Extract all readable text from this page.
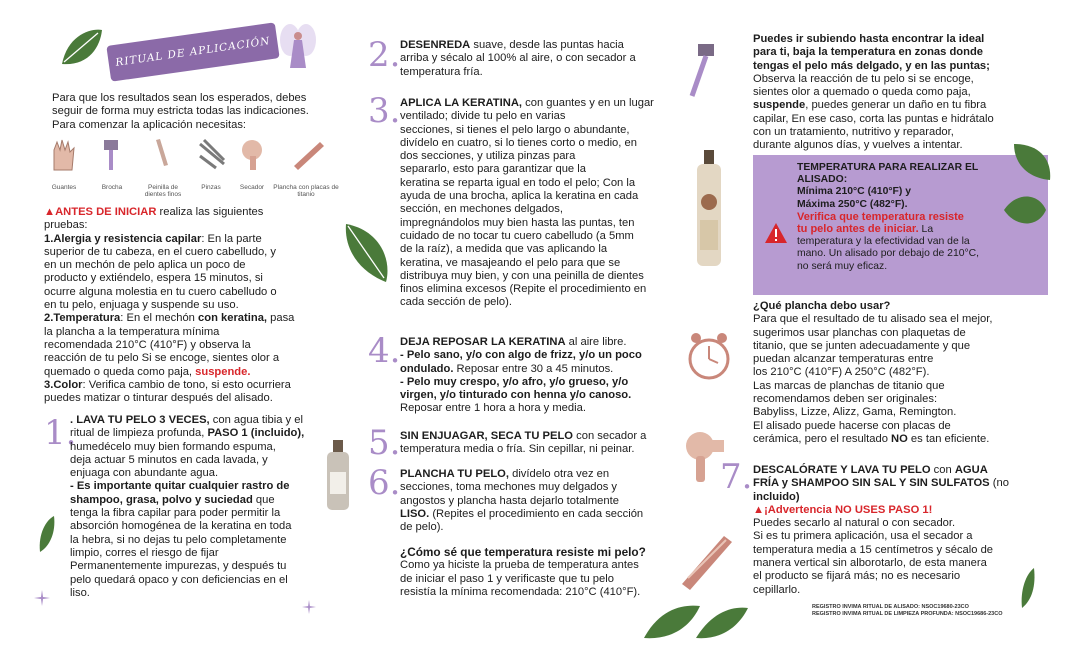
RITUAL DE APLICACIÓN
Para que los resultados sean los esperados, debes
seguir de forma muy estricta todas las indicaciones.
Para comenzar la aplicación necesitas:
Guantes	Brocha	Peinilla de dientes finos
Pinzas	Secador	Plancha con placas de titanio
▲ANTES DE INICIAR realiza las siguientes
pruebas:
1.Alergia y resistencia capilar: En la parte
superior de tu cabeza, en el cuero cabelludo, y
en un mechón de pelo aplica un poco de
producto y extiéndelo, espera 15 minutos, si
ocurre alguna molestia en tu cuero cabelludo o
en tu pelo, enjuaga y suspende su uso.
2.Temperatura: En el mechón con keratina, pasa
la plancha a la temperatura mínima
recomendada 210°C (410°F) y observa la
reacción de tu pelo Si se encoge, sientes olor a
quemado o queda como paja, suspende.
3.Color: Verifica cambio de tono, si esto ocurriera
puedes matizar o tinturar después del alisado.
1.
. LAVA TU PELO 3 VECES, con agua tibia y el
ritual de limpieza profunda, PASO 1 (incluido),
humedécelo muy bien formando espuma,
deja actuar 5 minutos en cada lavada, y
enjuaga con abundante agua.
- Es importante quitar cualquier rastro de
shampoo, grasa, polvo y suciedad que
tenga la fibra capilar para poder permitir la
absorción homogénea de la keratina en toda
la hebra, si no dejas tu pelo completamente
limpio, corres el riesgo de fijar
Permanentemente impurezas, y después tu
pelo quedará opaco y con deficiencias en el
liso.
2. DESENREDA suave, desde las puntas hacia
arriba y sécalo al 100% al aire, o con secador a
temperatura fría.
3. APLICA LA KERATINA, con guantes y en un lugar
ventilado; divide tu pelo en varias
secciones, si tienes el pelo largo o abundante,
divídelo en cuatro, si lo tienes corto o medio, en
dos secciones, y utiliza pinzas para
separarlo, esto para garantizar que la
keratina se reparta igual en todo el pelo; Con la
ayuda de una brocha, aplica la keratina en cada
sección, en mechones delgados,
impregnándolos muy bien hasta las puntas, ten
cuidado de no tocar tu cuero cabelludo (a 5mm
de la raíz), a medida que vas aplicando la
keratina, ve masajeando el pelo para que se
distribuya muy bien, y con una peinilla de dientes
finos elimina excesos (Repite el procedimiento en
cada sección de pelo).
4. DEJA REPOSAR LA KERATINA al aire libre.
- Pelo sano, y/o con algo de frizz, y/o un poco
ondulado. Reposar entre 30 a 45 minutos.
- Pelo muy crespo, y/o afro, y/o grueso, y/o
virgen, y/o tinturado con henna y/o canoso.
Reposar entre 1 hora a hora y media.
5. SIN ENJUAGAR, SECA TU PELO con secador a
temperatura media o fría. Sin cepillar, ni peinar.
6. PLANCHA TU PELO, divídelo otra vez en
secciones, toma mechones muy delgados y
angostos y plancha hasta dejarlo totalmente
LISO. (Repites el procedimiento en cada sección
de pelo).
¿Cómo sé que temperatura resiste mi pelo?
Como ya hiciste la prueba de temperatura antes
de iniciar el paso 1 y verificaste que tu pelo
resistía la mínima recomendada: 210°C (410°F).
Puedes ir subiendo hasta encontrar la ideal
para ti, baja la temperatura en zonas donde
tengas el pelo más delgado, y en las puntas;
Observa la reacción de tu pelo si se encoge,
sientes olor a quemado o queda como paja,
suspende, puedes generar un daño en tu fibra
capilar, En ese caso, corta las puntas e hidrátalo
con un tratamiento, nutritivo y reparador,
durante algunos días, y vuelves a intentar.
TEMPERATURA PARA REALIZAR EL
ALISADO:
Mínima 210°C (410°F) y
Máxima 250°C (482°F).
Verifica que temperatura resiste
tu pelo antes de iniciar. La
temperatura y la efectividad van de la
mano. Un alisado por debajo de 210°C,
no será muy eficaz.
¿Qué plancha debo usar?
Para que el resultado de tu alisado sea el mejor,
sugerimos usar planchas con plaquetas de
titanio, que se junten adecuadamente y que
puedan alcanzar temperaturas entre
los 210°C (410°F) A 250°C (482°F).
Las marcas de planchas de titanio que
recomendamos deben ser originales:
Babyliss, Lizze, Alizz, Gama, Remington.
El alisado puede hacerse con placas de
cerámica, pero el resultado NO es tan eficiente.
7. DESCALÓRATE Y LAVA TU PELO con AGUA
FRÍA y SHAMPOO SIN SAL Y SIN SULFATOS (no
incluido)
▲¡Advertencia NO USES PASO 1!
Puedes secarlo al natural o con secador.
Si es tu primera aplicación, usa el secador a
temperatura media a 15 centímetros y sécalo de
manera vertical sin alborotarlo, de esta manera
el producto se fijará más; no es necesario
cepillarlo.
REGISTRO INVIMA RITUAL DE ALISADO: NSOC19680-23CO
REGISTRO INVIMA RITUAL DE LIMPIEZA PROFUNDA: NSOC19686-23CO
